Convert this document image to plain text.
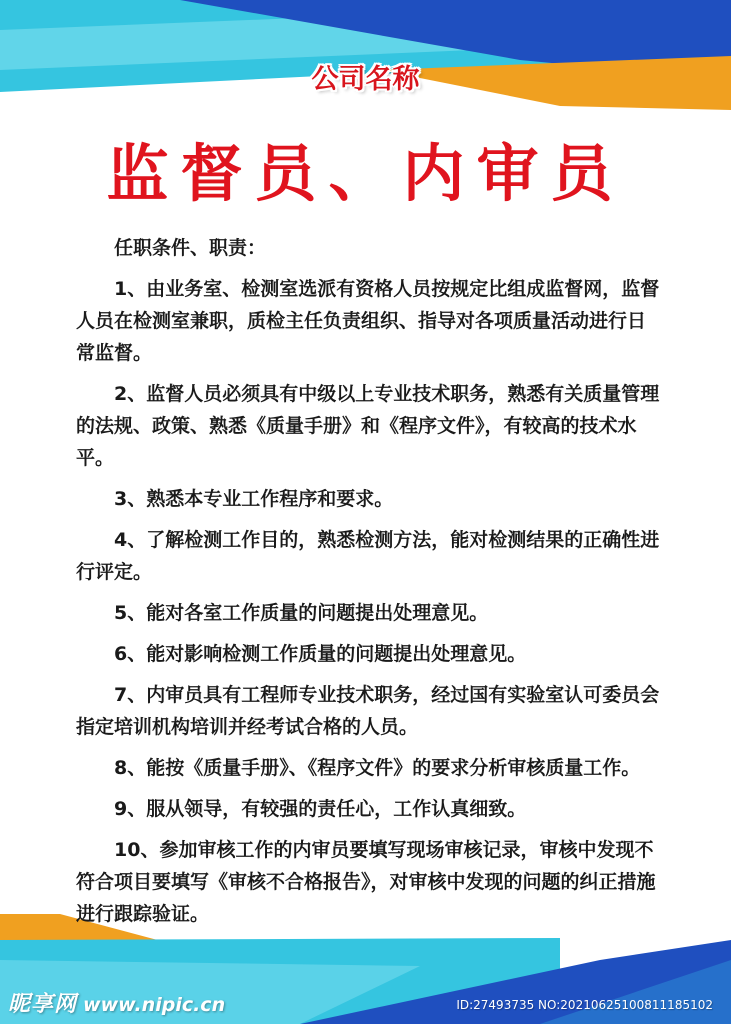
公司名称
监督员、内审员

任职条件、职责：

1、由业务室、检测室选派有资格人员按规定比组成监督网，监督人员在检测室兼职，质检主任负责组织、指导对各项质量活动进行日常监督。

2、监督人员必须具有中级以上专业技术职务，熟悉有关质量管理的法规、政策、熟悉《质量手册》和《程序文件》，有较高的技术水平。

3、熟悉本专业工作程序和要求。

4、了解检测工作目的，熟悉检测方法，能对检测结果的正确性进行评定。

5、能对各室工作质量的问题提出处理意见。

6、能对影响检测工作质量的问题提出处理意见。

7、内审员具有工程师专业技术职务，经过国有实验室认可委员会指定培训机构培训并经考试合格的人员。

8、能按《质量手册》、《程序文件》的要求分析审核质量工作。

9、服从领导，有较强的责任心，工作认真细致。

10、参加审核工作的内审员要填写现场审核记录，审核中发现不符合项目要填写《审核不合格报告》，对审核中发现的问题的纠正措施进行跟踪验证。

昵享网 www.nipic.cn	ID:27493735 NO:20210625100811185102
